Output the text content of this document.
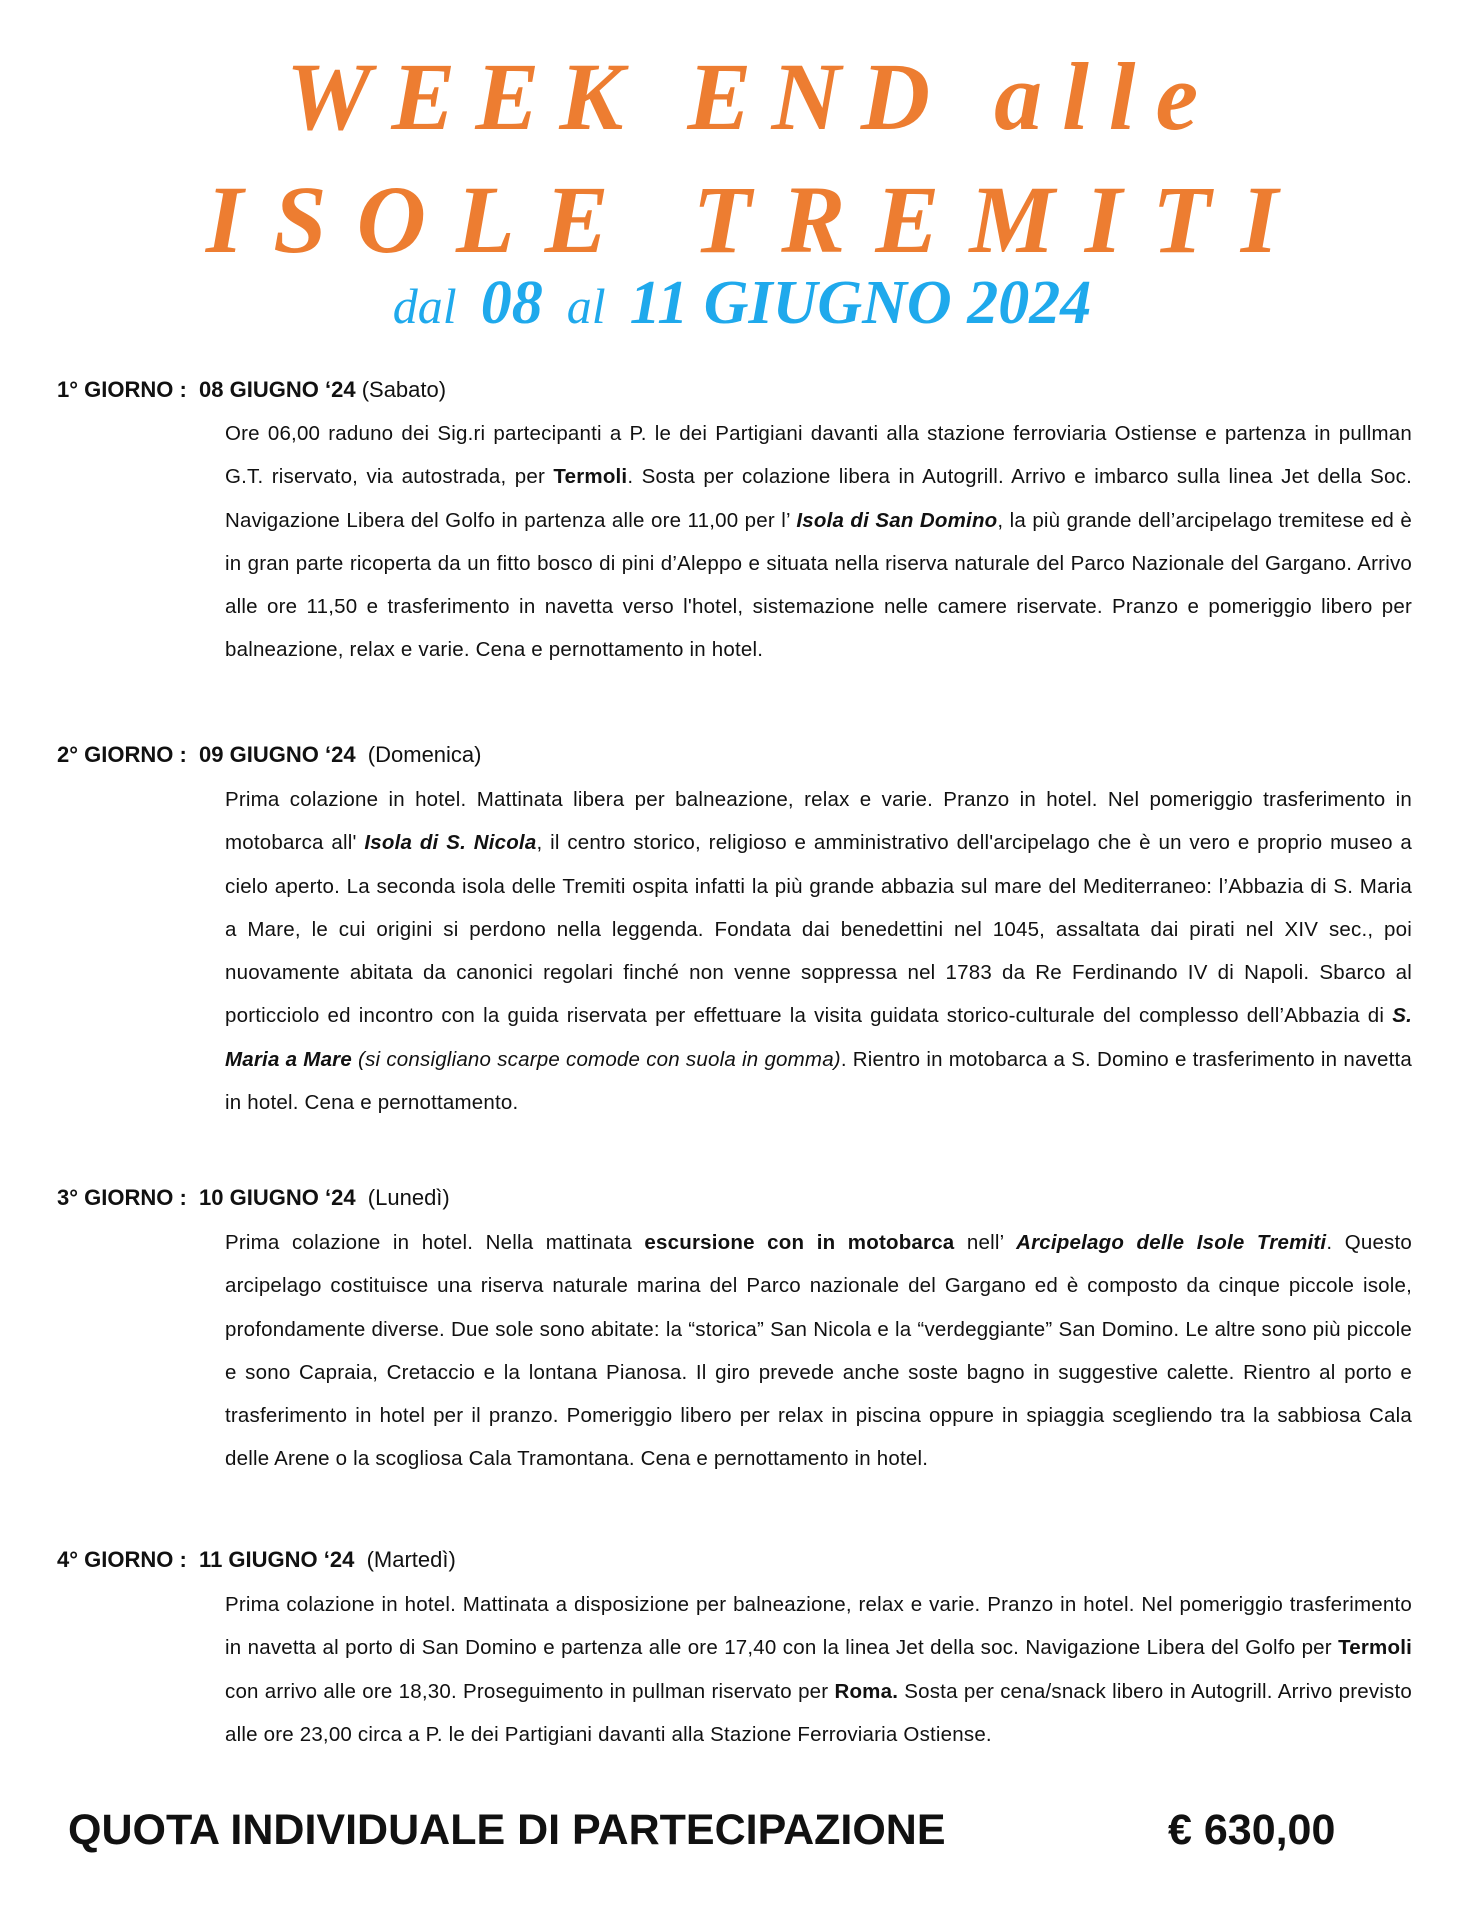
WEEK END alle
ISOLE TREMITI
dal 08 al 11 GIUGNO 2024
1° GIORNO : 08 GIUGNO ‘24 (Sabato)
Ore 06,00 raduno dei Sig.ri partecipanti a P. le dei Partigiani davanti alla stazione ferroviaria Ostiense e partenza in pullman G.T. riservato, via autostrada, per Termoli. Sosta per colazione libera in Autogrill. Arrivo e imbarco sulla linea Jet della Soc. Navigazione Libera del Golfo in partenza alle ore 11,00 per l’ Isola di San Domino, la più grande dell’arcipelago tremitese ed è in gran parte ricoperta da un fitto bosco di pini d’Aleppo e situata nella riserva naturale del Parco Nazionale del Gargano. Arrivo alle ore 11,50 e trasferimento in navetta verso l'hotel, sistemazione nelle camere riservate. Pranzo e pomeriggio libero per balneazione, relax e varie. Cena e pernottamento in hotel.
2° GIORNO : 09 GIUGNO ‘24 (Domenica)
Prima colazione in hotel. Mattinata libera per balneazione, relax e varie. Pranzo in hotel. Nel pomeriggio trasferimento in motobarca all' Isola di S. Nicola, il centro storico, religioso e amministrativo dell'arcipelago che è un vero e proprio museo a cielo aperto. La seconda isola delle Tremiti ospita infatti la più grande abbazia sul mare del Mediterraneo: l’Abbazia di S. Maria a Mare, le cui origini si perdono nella leggenda. Fondata dai benedettini nel 1045, assaltata dai pirati nel XIV sec., poi nuovamente abitata da canonici regolari finché non venne soppressa nel 1783 da Re Ferdinando IV di Napoli. Sbarco al porticciolo ed incontro con la guida riservata per effettuare la visita guidata storico-culturale del complesso dell’Abbazia di S. Maria a Mare (si consigliano scarpe comode con suola in gomma). Rientro in motobarca a S. Domino e trasferimento in navetta in hotel. Cena e pernottamento.
3° GIORNO : 10 GIUGNO ‘24 (Lunedì)
Prima colazione in hotel. Nella mattinata escursione con in motobarca nell’ Arcipelago delle Isole Tremiti. Questo arcipelago costituisce una riserva naturale marina del Parco nazionale del Gargano ed è composto da cinque piccole isole, profondamente diverse. Due sole sono abitate: la “storica” San Nicola e la “verdeggiante” San Domino. Le altre sono più piccole e sono Capraia, Cretaccio e la lontana Pianosa. Il giro prevede anche soste bagno in suggestive calette. Rientro al porto e trasferimento in hotel per il pranzo. Pomeriggio libero per relax in piscina oppure in spiaggia scegliendo tra la sabbiosa Cala delle Arene o la scogliosa Cala Tramontana. Cena e pernottamento in hotel.
4° GIORNO : 11 GIUGNO ‘24 (Martedì)
Prima colazione in hotel. Mattinata a disposizione per balneazione, relax e varie. Pranzo in hotel. Nel pomeriggio trasferimento in navetta al porto di San Domino e partenza alle ore 17,40 con la linea Jet della soc. Navigazione Libera del Golfo per Termoli con arrivo alle ore 18,30. Proseguimento in pullman riservato per Roma. Sosta per cena/snack libero in Autogrill. Arrivo previsto alle ore 23,00 circa a P. le dei Partigiani davanti alla Stazione Ferroviaria Ostiense.
QUOTA INDIVIDUALE DI PARTECIPAZIONE	€ 630,00
